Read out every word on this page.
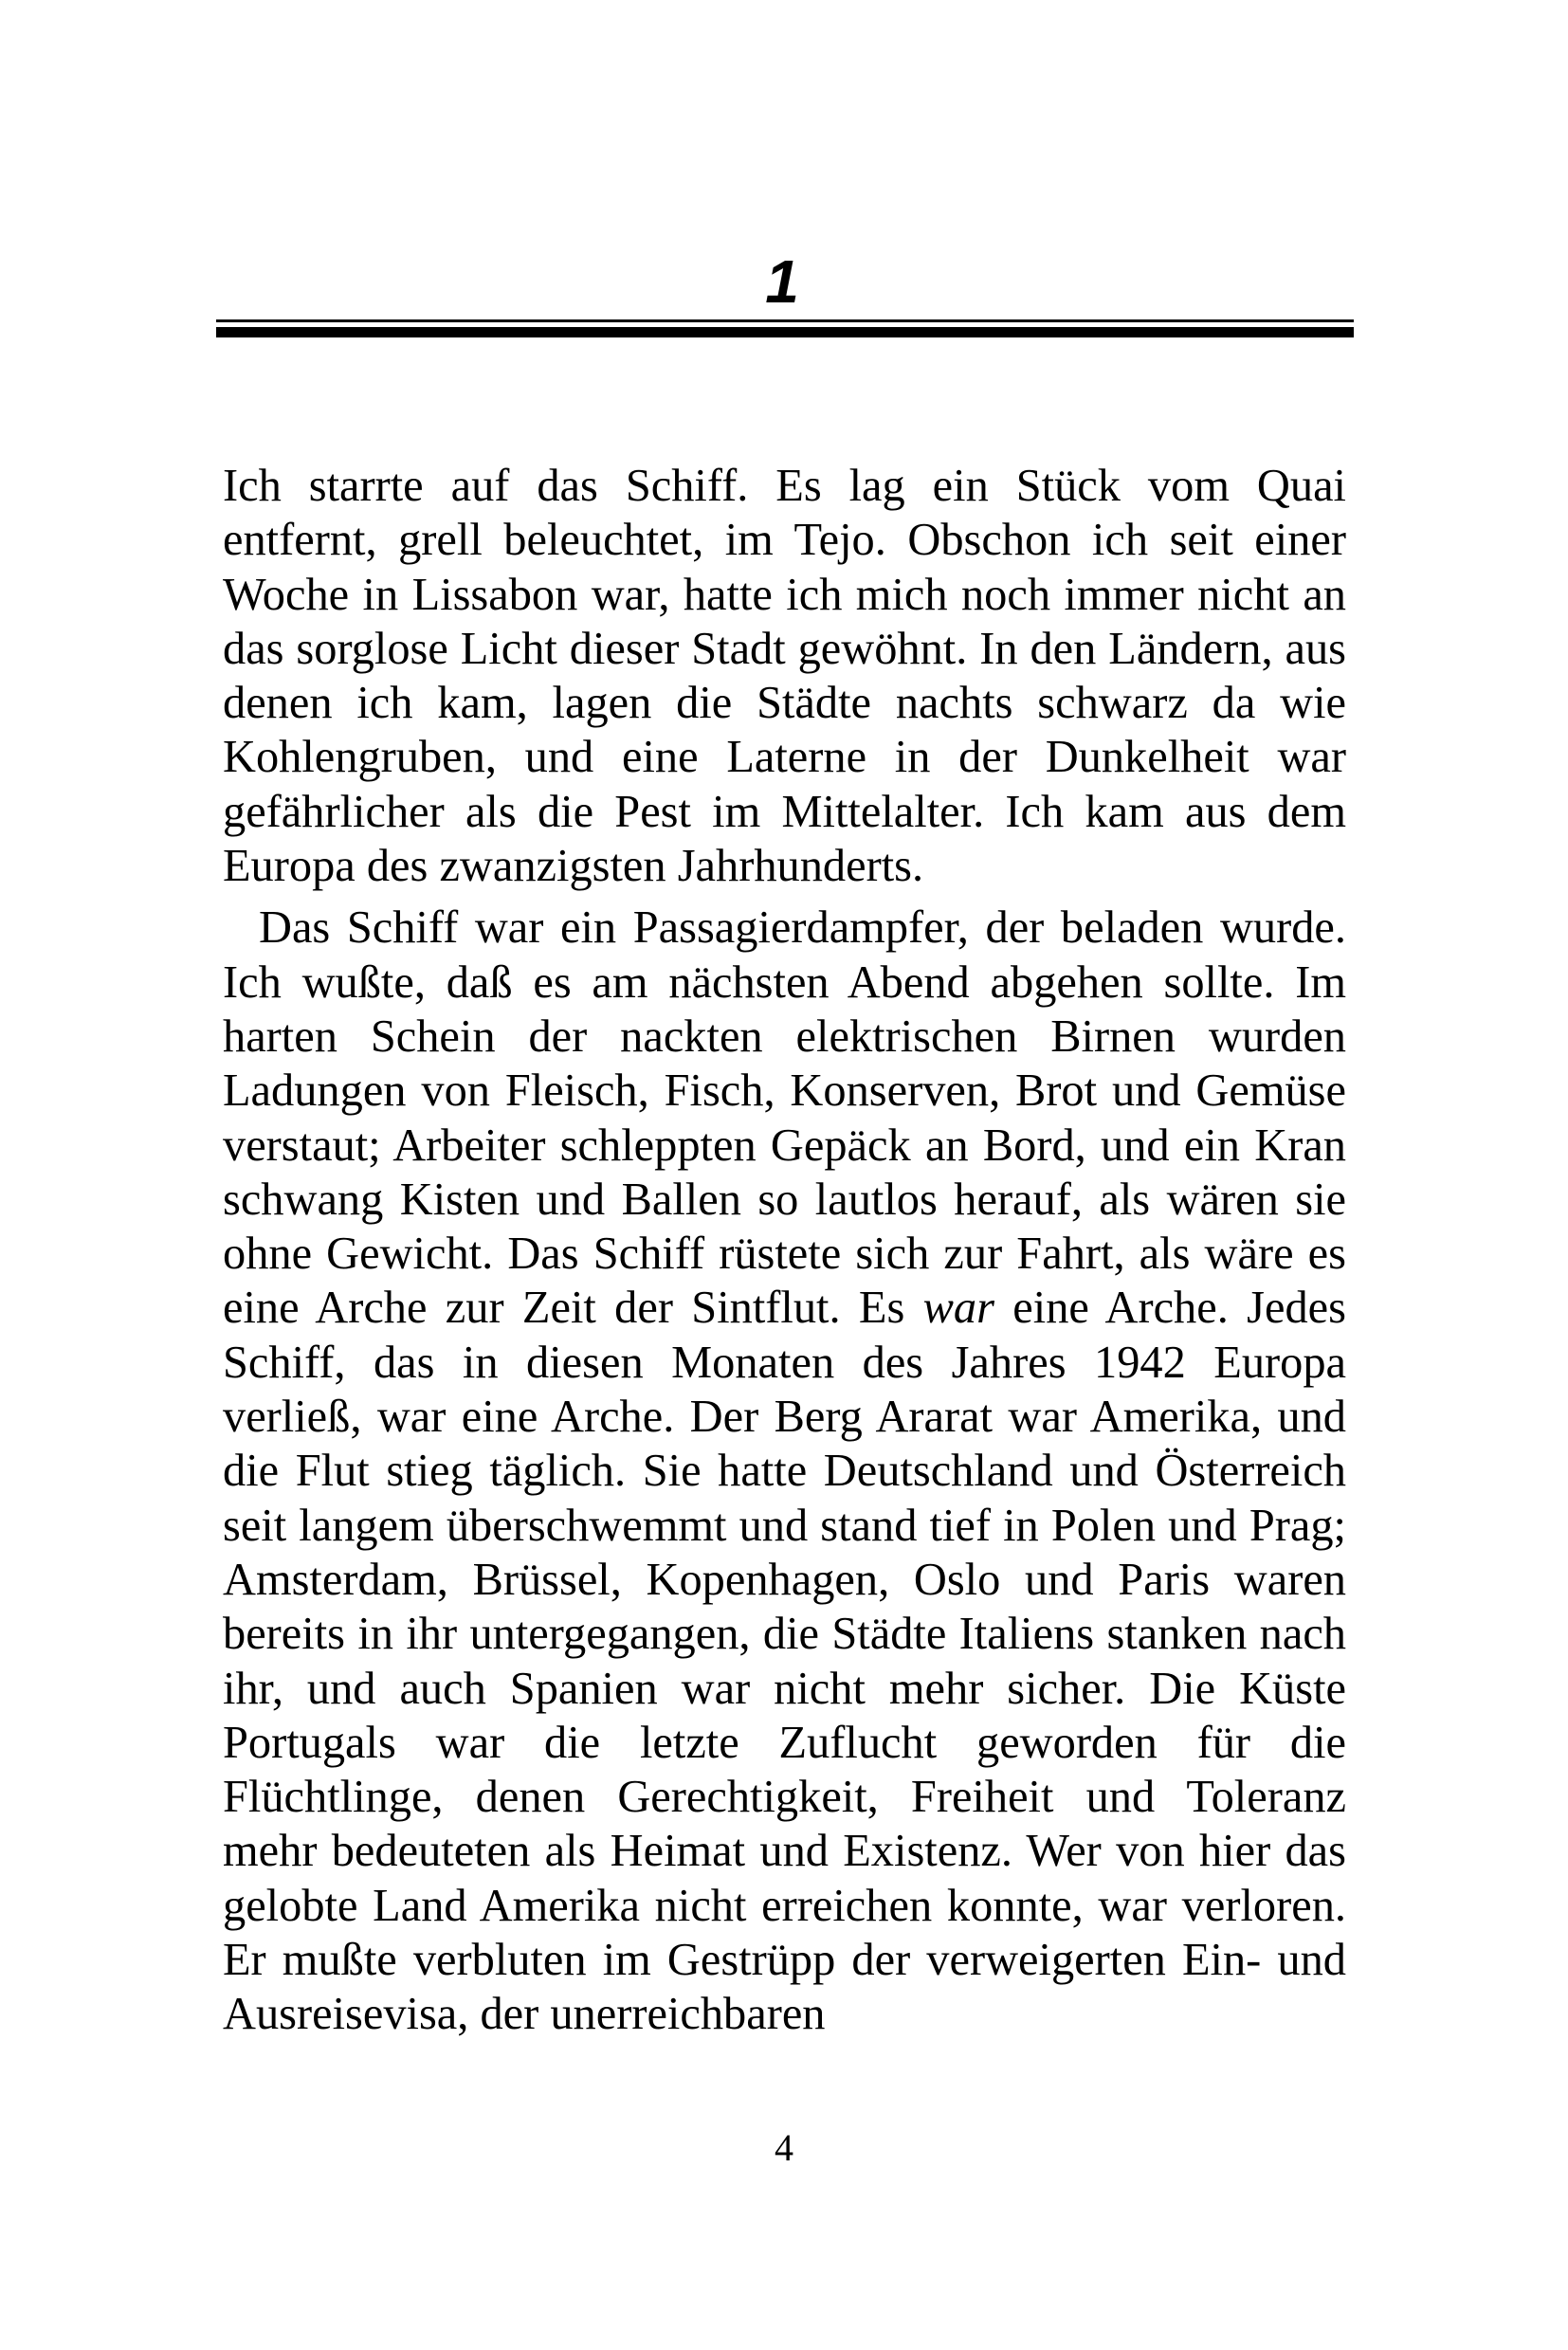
1

Ich starrte auf das Schiff. Es lag ein Stück vom Quai entfernt, grell beleuchtet, im Tejo. Obschon ich seit einer Woche in Lissabon war, hatte ich mich noch immer nicht an das sorglose Licht dieser Stadt gewöhnt. In den Ländern, aus denen ich kam, lagen die Städte nachts schwarz da wie Kohlengruben, und eine Laterne in der Dunkelheit war gefährlicher als die Pest im Mittelalter. Ich kam aus dem Europa des zwanzigsten Jahrhunderts.

Das Schiff war ein Passagierdampfer, der beladen wurde. Ich wußte, daß es am nächsten Abend abgehen sollte. Im harten Schein der nackten elektrischen Birnen wurden Ladungen von Fleisch, Fisch, Konserven, Brot und Gemüse verstaut; Arbeiter schleppten Gepäck an Bord, und ein Kran schwang Kisten und Ballen so lautlos herauf, als wären sie ohne Gewicht. Das Schiff rüstete sich zur Fahrt, als wäre es eine Arche zur Zeit der Sintflut. Es war eine Arche. Jedes Schiff, das in diesen Monaten des Jahres 1942 Europa verließ, war eine Arche. Der Berg Ararat war Amerika, und die Flut stieg täglich. Sie hatte Deutschland und Österreich seit langem überschwemmt und stand tief in Polen und Prag; Amsterdam, Brüssel, Kopenhagen, Oslo und Paris waren bereits in ihr untergegangen, die Städte Italiens stanken nach ihr, und auch Spanien war nicht mehr sicher. Die Küste Portugals war die letzte Zuflucht geworden für die Flüchtlinge, denen Gerechtigkeit, Freiheit und Toleranz mehr bedeuteten als Heimat und Existenz. Wer von hier das gelobte Land Amerika nicht erreichen konnte, war verloren. Er mußte verbluten im Gestrüpp der verweigerten Ein- und Ausreisevisa, der unerreichbaren

4
